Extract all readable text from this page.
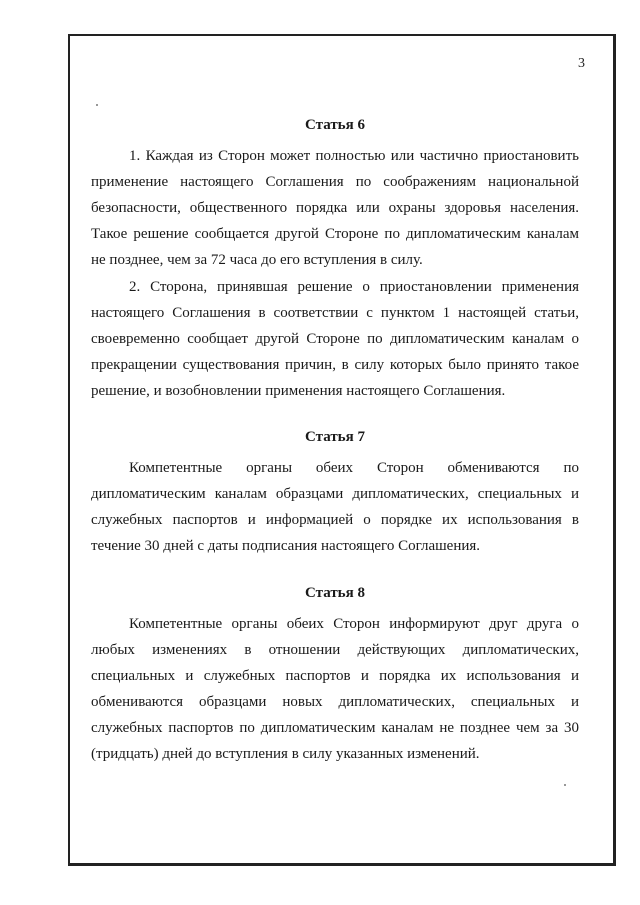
3

Статья 6

1. Каждая из Сторон может полностью или частично приостановить применение настоящего Соглашения по соображениям национальной безопасности, общественного порядка или охраны здоровья населения. Такое решение сообщается другой Стороне по дипломатическим каналам не позднее, чем за 72 часа до его вступления в силу.

2. Сторона, принявшая решение о приостановлении применения настоящего Соглашения в соответствии с пунктом 1 настоящей статьи, своевременно сообщает другой Стороне по дипломатическим каналам о прекращении существования причин, в силу которых было принято такое решение, и возобновлении применения настоящего Соглашения.

Статья 7

Компетентные органы обеих Сторон обмениваются по дипломатическим каналам образцами дипломатических, специальных и служебных паспортов и информацией о порядке их использования в течение 30 дней с даты подписания настоящего Соглашения.

Статья 8

Компетентные органы обеих Сторон информируют друг друга о любых изменениях в отношении действующих дипломатических, специальных и служебных паспортов и порядка их использования и обмениваются образцами новых дипломатических, специальных и служебных паспортов по дипломатическим каналам не позднее чем за 30 (тридцать) дней до вступления в силу указанных изменений.
